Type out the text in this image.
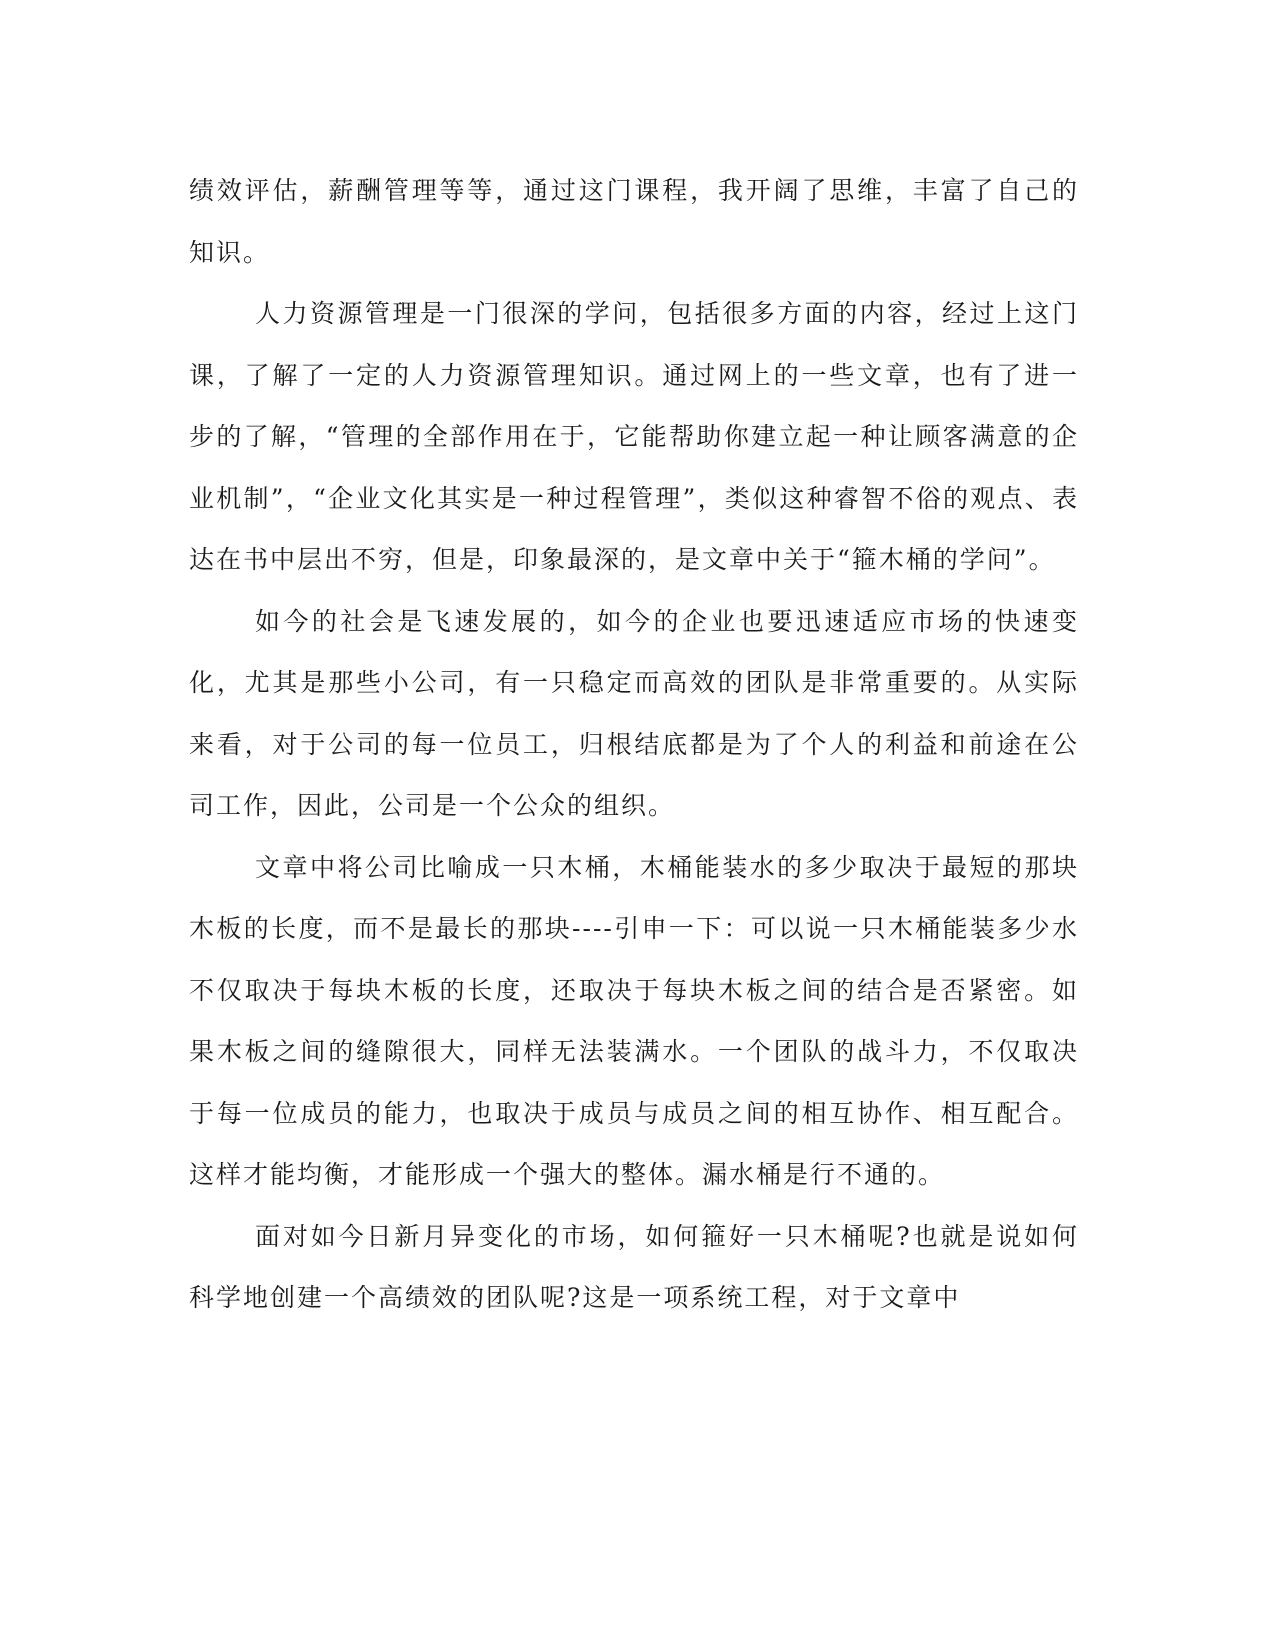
绩效评估，薪酬管理等等，通过这门课程，我开阔了思维，丰富了自己的知识。

人力资源管理是一门很深的学问，包括很多方面的内容，经过上这门课，了解了一定的人力资源管理知识。通过网上的一些文章，也有了进一步的了解，“管理的全部作用在于，它能帮助你建立起一种让顾客满意的企业机制”，“企业文化其实是一种过程管理”，类似这种睿智不俗的观点、表达在书中层出不穷，但是，印象最深的，是文章中关于“箍木桶的学问”。

如今的社会是飞速发展的，如今的企业也要迅速适应市场的快速变化，尤其是那些小公司，有一只稳定而高效的团队是非常重要的。从实际来看，对于公司的每一位员工，归根结底都是为了个人的利益和前途在公司工作，因此，公司是一个公众的组织。

文章中将公司比喻成一只木桶，木桶能装水的多少取决于最短的那块木板的长度，而不是最长的那块----引申一下：可以说一只木桶能装多少水不仅取决于每块木板的长度，还取决于每块木板之间的结合是否紧密。如果木板之间的缝隙很大，同样无法装满水。一个团队的战斗力，不仅取决于每一位成员的能力，也取决于成员与成员之间的相互协作、相互配合。这样才能均衡，才能形成一个强大的整体。漏水桶是行不通的。

面对如今日新月异变化的市场，如何箍好一只木桶呢?也就是说如何科学地创建一个高绩效的团队呢?这是一项系统工程，对于文章中
